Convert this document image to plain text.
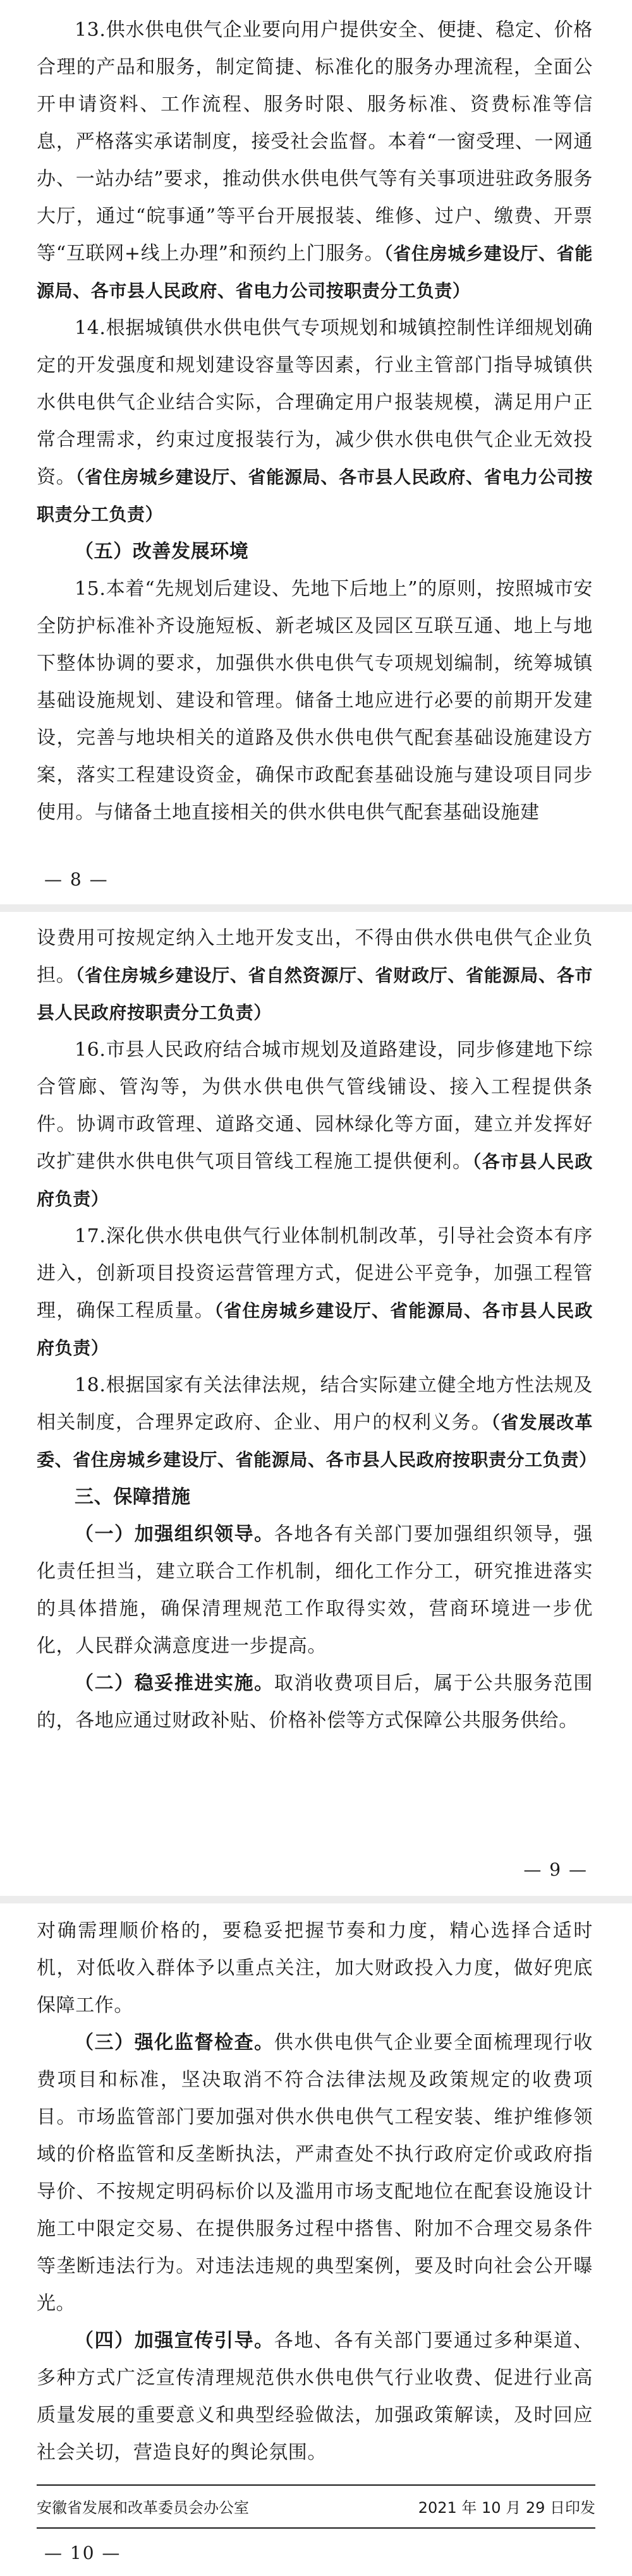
13.供水供电供气企业要向用户提供安全、便捷、稳定、价格合理的产品和服务，制定简捷、标准化的服务办理流程，全面公开申请资料、工作流程、服务时限、服务标准、资费标准等信息，严格落实承诺制度，接受社会监督。本着“一窗受理、一网通办、一站办结”要求，推动供水供电供气等有关事项进驻政务服务大厅，通过“皖事通”等平台开展报装、维修、过户、缴费、开票等“互联网+线上办理”和预约上门服务。（省住房城乡建设厅、省能源局、各市县人民政府、省电力公司按职责分工负责）

14.根据城镇供水供电供气专项规划和城镇控制性详细规划确定的开发强度和规划建设容量等因素，行业主管部门指导城镇供水供电供气企业结合实际，合理确定用户报装规模，满足用户正常合理需求，约束过度报装行为，减少供水供电供气企业无效投资。（省住房城乡建设厅、省能源局、各市县人民政府、省电力公司按职责分工负责）

（五）改善发展环境

15.本着“先规划后建设、先地下后地上”的原则，按照城市安全防护标准补齐设施短板、新老城区及园区互联互通、地上与地下整体协调的要求，加强供水供电供气专项规划编制，统筹城镇基础设施规划、建设和管理。储备土地应进行必要的前期开发建设，完善与地块相关的道路及供水供电供气配套基础设施建设方案，落实工程建设资金，确保市政配套基础设施与建设项目同步使用。与储备土地直接相关的供水供电供气配套基础设施建

— 8 —

设费用可按规定纳入土地开发支出，不得由供水供电供气企业负担。（省住房城乡建设厅、省自然资源厅、省财政厅、省能源局、各市县人民政府按职责分工负责）

16.市县人民政府结合城市规划及道路建设，同步修建地下综合管廊、管沟等，为供水供电供气管线铺设、接入工程提供条件。协调市政管理、道路交通、园林绿化等方面，建立并发挥好改扩建供水供电供气项目管线工程施工提供便利。（各市县人民政府负责）

17.深化供水供电供气行业体制机制改革，引导社会资本有序进入，创新项目投资运营管理方式，促进公平竞争，加强工程管理，确保工程质量。（省住房城乡建设厅、省能源局、各市县人民政府负责）

18.根据国家有关法律法规，结合实际建立健全地方性法规及相关制度，合理界定政府、企业、用户的权利义务。（省发展改革委、省住房城乡建设厅、省能源局、各市县人民政府按职责分工负责）

三、保障措施

（一）加强组织领导。各地各有关部门要加强组织领导，强化责任担当，建立联合工作机制，细化工作分工，研究推进落实的具体措施，确保清理规范工作取得实效，营商环境进一步优化，人民群众满意度进一步提高。

（二）稳妥推进实施。取消收费项目后，属于公共服务范围的，各地应通过财政补贴、价格补偿等方式保障公共服务供给。

— 9 —

对确需理顺价格的，要稳妥把握节奏和力度，精心选择合适时机，对低收入群体予以重点关注，加大财政投入力度，做好兜底保障工作。

（三）强化监督检查。供水供电供气企业要全面梳理现行收费项目和标准，坚决取消不符合法律法规及政策规定的收费项目。市场监管部门要加强对供水供电供气工程安装、维护维修领域的价格监管和反垄断执法，严肃查处不执行政府定价或政府指导价、不按规定明码标价以及滥用市场支配地位在配套设施设计施工中限定交易、在提供服务过程中搭售、附加不合理交易条件等垄断违法行为。对违法违规的典型案例，要及时向社会公开曝光。

（四）加强宣传引导。各地、各有关部门要通过多种渠道、多种方式广泛宣传清理规范供水供电供气行业收费、促进行业高质量发展的重要意义和典型经验做法，加强政策解读，及时回应社会关切，营造良好的舆论氛围。

安徽省发展和改革委员会办公室	2021 年 10 月 29 日印发
— 10 —
